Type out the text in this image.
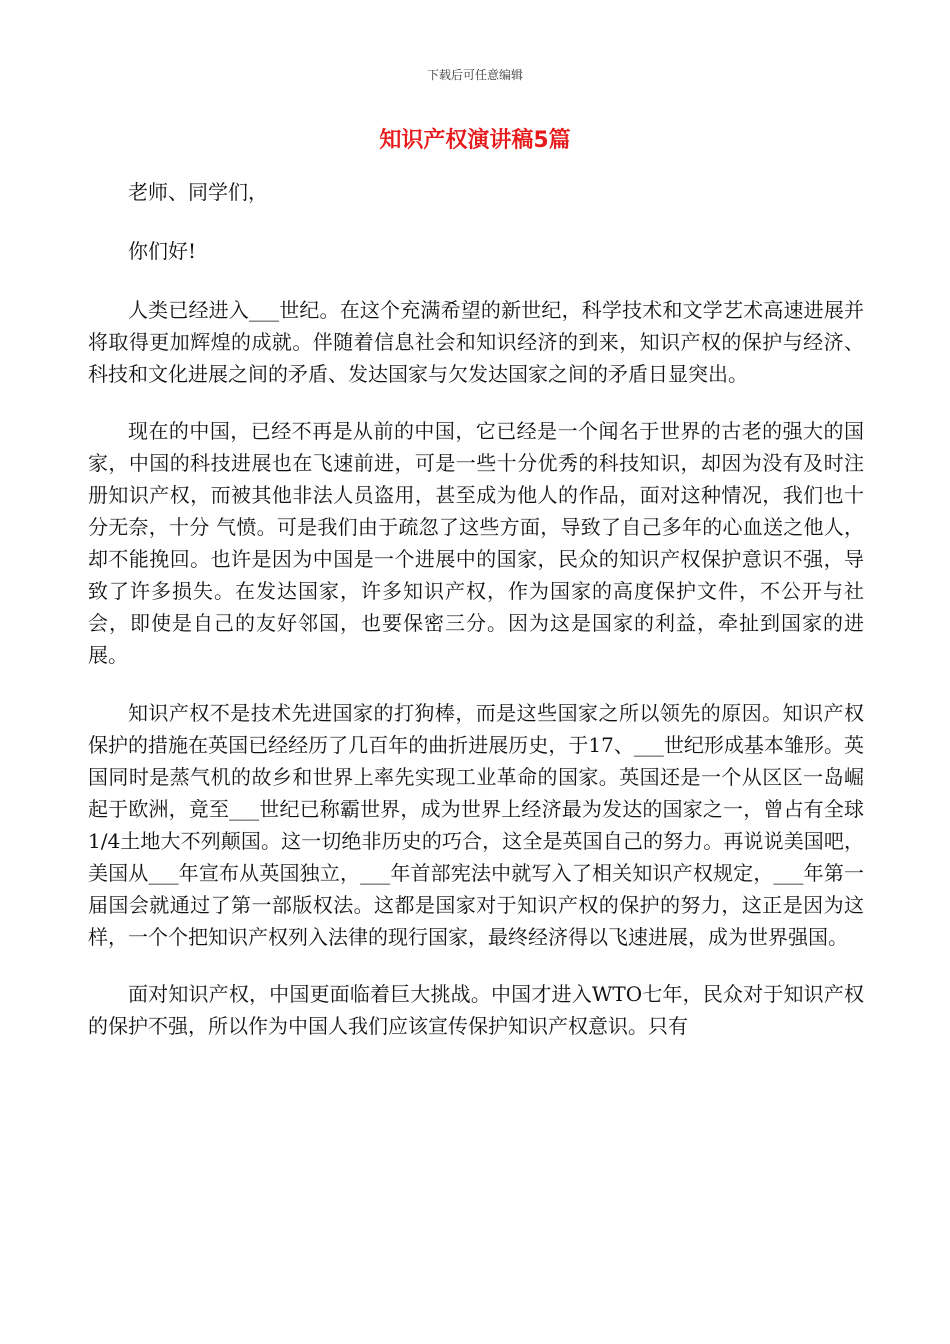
下载后可任意编辑
知识产权演讲稿5篇

老师、同学们，

你们好!

人类已经进入___世纪。在这个充满希望的新世纪，科学技术和文学艺术高速进展并将取得更加辉煌的成就。伴随着信息社会和知识经济的到来，知识产权的保护与经济、科技和文化进展之间的矛盾、发达国家与欠发达国家之间的矛盾日显突出。

现在的中国，已经不再是从前的中国，它已经是一个闻名于世界的古老的强大的国家，中国的科技进展也在飞速前进，可是一些十分优秀的科技知识，却因为没有及时注册知识产权，而被其他非法人员盗用，甚至成为他人的作品，面对这种情况，我们也十分无奈，十分 气愤。可是我们由于疏忽了这些方面，导致了自己多年的心血送之他人，却不能挽回。也许是因为中国是一个进展中的国家，民众的知识产权保护意识不强，导致了许多损失。在发达国家，许多知识产权，作为国家的高度保护文件，不公开与社会，即使是自己的友好邻国，也要保密三分。因为这是国家的利益，牵扯到国家的进展。

知识产权不是技术先进国家的打狗棒，而是这些国家之所以领先的原因。知识产权保护的措施在英国已经经历了几百年的曲折进展历史，于17、___世纪形成基本雏形。英国同时是蒸气机的故乡和世界上率先实现工业革命的国家。英国还是一个从区区一岛崛起于欧洲，竟至___世纪已称霸世界，成为世界上经济最为发达的国家之一，曾占有全球1/4土地大不列颠国。这一切绝非历史的巧合，这全是英国自己的努力。再说说美国吧，美国从___年宣布从英国独立，___年首部宪法中就写入了相关知识产权规定，___年第一届国会就通过了第一部版权法。这都是国家对于知识产权的保护的努力，这正是因为这样，一个个把知识产权列入法律的现行国家，最终经济得以飞速进展，成为世界强国。

面对知识产权，中国更面临着巨大挑战。中国才进入WTO七年，民众对于知识产权的保护不强，所以作为中国人我们应该宣传保护知识产权意识。只有
